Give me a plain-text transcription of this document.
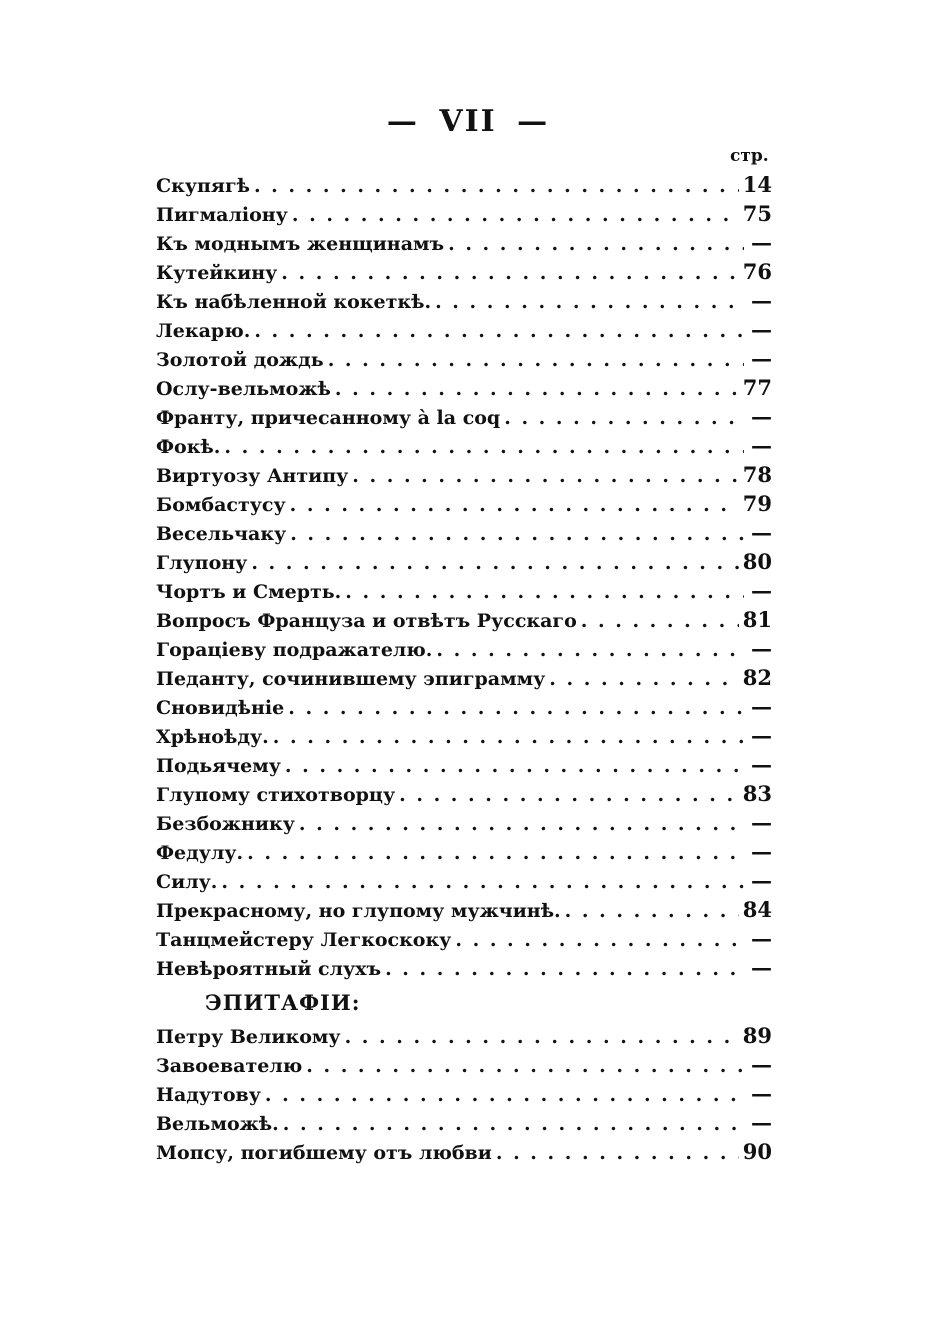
— VII —
стр.
Скупягѣ . . .	14
Пигмаліону . . .	75
Къ моднымъ женщинамъ . . .	—
Кутейкину . . .	76
Къ набѣленной кокеткѣ. . . .	—
Лекарю. . . .	—
Золотой дождь . . .	—
Ослу-вельможѣ . . .	77
Франту, причесанному à la coq . . .	—
Фокѣ. . . .	—
Виртуозу Антипу . . .	78
Бомбастусу . . .	79
Весельчаку . . .	—
Глупону . . .	80
Чортъ и Смерть. . . .	—
Вопросъ Француза и отвѣтъ Русскаго . . .	81
Гораціеву подражателю. . . .	—
Педанту, сочинившему эпиграмму . . .	82
Сновидѣніе . . .	—
Хрѣноѣду. . . .	—
Подьячему . . .	—
Глупому стихотворцу . . .	83
Безбожнику . . .	—
Федулу. . . .	—
Силу. . . .	—
Прекрасному, но глупому мужчинѣ. . . .	84
Танцмейстеру Легкоскоку . . .	—
Невѣроятный слухъ . . .	—
ЭПИТАФІИ:
Петру Великому . . .	89
Завоевателю . . .	—
Надутову . . .	—
Вельможѣ. . . .	—
Мопсу, погибшему отъ любви . . .	90
